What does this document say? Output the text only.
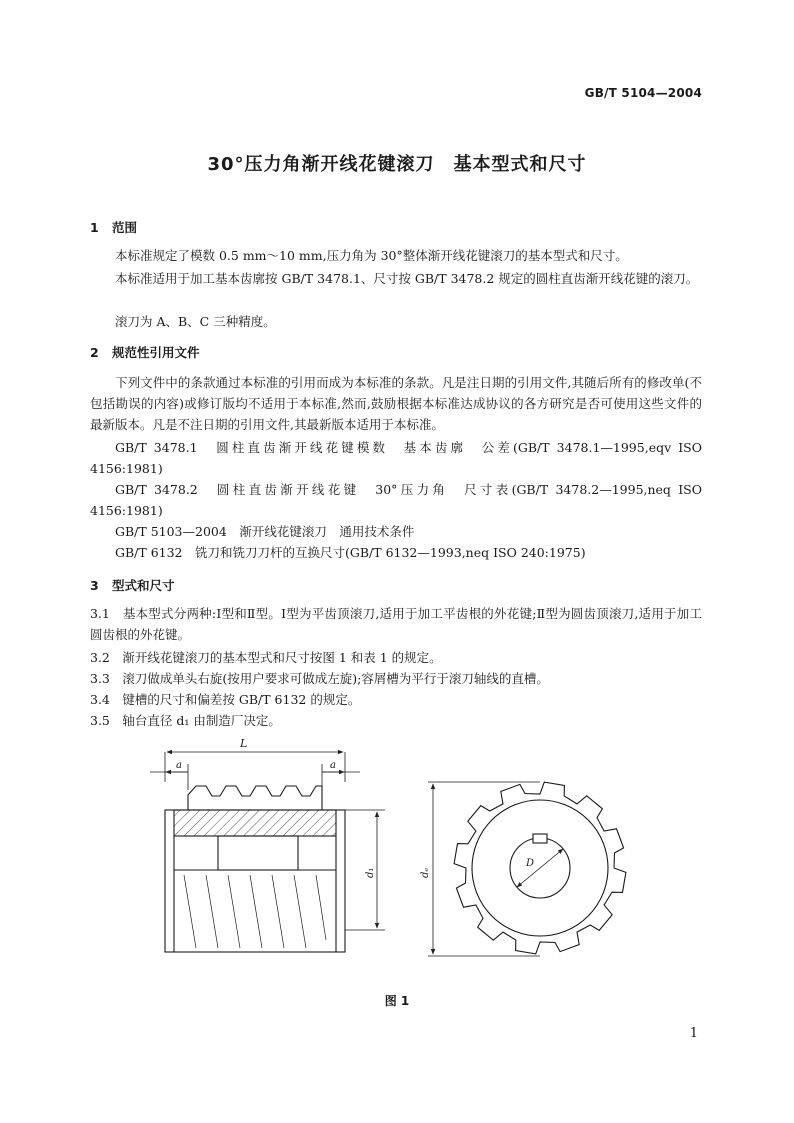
GB/T 5104—2004
30°压力角渐开线花键滚刀　基本型式和尺寸
1 范围
本标准规定了模数 0.5 mm～10 mm,压力角为 30°整体渐开线花键滚刀的基本型式和尺寸。
本标准适用于加工基本齿廓按 GB/T 3478.1、尺寸按 GB/T 3478.2 规定的圆柱直齿渐开线花键的滚刀。
滚刀为 A、B、C 三种精度。
2 规范性引用文件
下列文件中的条款通过本标准的引用而成为本标准的条款。凡是注日期的引用文件,其随后所有的修改单(不包括勘误的内容)或修订版均不适用于本标准,然而,鼓励根据本标准达成协议的各方研究是否可使用这些文件的最新版本。凡是不注日期的引用文件,其最新版本适用于本标准。
GB/T 3478.1　圆柱直齿渐开线花键模数　基本齿廓　公差(GB/T 3478.1—1995,eqv ISO 4156:1981)
GB/T 3478.2　圆柱直齿渐开线花键　30°压力角　尺寸表(GB/T 3478.2—1995,neq ISO 4156:1981)
GB/T 5103—2004　渐开线花键滚刀　通用技术条件
GB/T 6132　铣刀和铣刀刀杆的互换尺寸(GB/T 6132—1993,neq ISO 240:1975)
3 型式和尺寸
3.1　基本型式分两种:Ⅰ型和Ⅱ型。Ⅰ型为平齿顶滚刀,适用于加工平齿根的外花键;Ⅱ型为圆齿顶滚刀,适用于加工圆齿根的外花键。
3.2　渐开线花键滚刀的基本型式和尺寸按图 1 和表 1 的规定。
3.3　滚刀做成单头右旋(按用户要求可做成左旋);容屑槽为平行于滚刀轴线的直槽。
3.4　键槽的尺寸和偏差按 GB/T 6132 的规定。
3.5　轴台直径 d₁ 由制造厂决定。
L
a	a
d₁	dₑ
D
图 1
1
